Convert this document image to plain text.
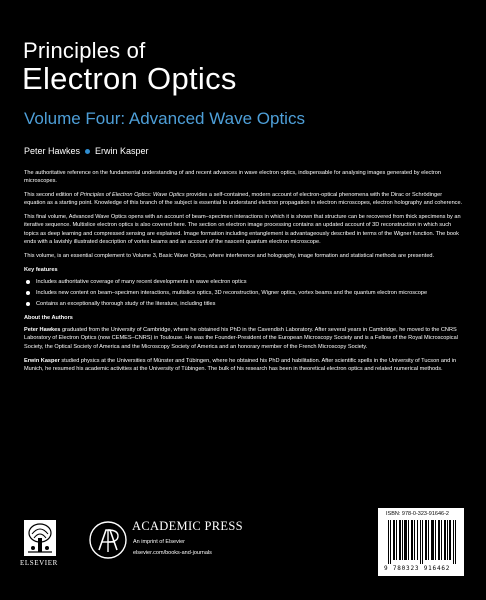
Principles of
Electron Optics
Volume Four: Advanced Wave Optics
Peter Hawkes Erwin Kasper

The authoritative reference on the fundamental understanding of and recent advances in wave electron optics, indispensable for analysing images generated by electron microscopes.

This second edition of Principles of Electron Optics: Wave Optics provides a self-contained, modern account of electron-optical phenomena with the Dirac or Schrödinger equation as a starting point. Knowledge of this branch of the subject is essential to understand electron propagation in electron microscopes, electron holography and coherence.

This final volume, Advanced Wave Optics opens with an account of beam–specimen interactions in which it is shown that structure can be recovered from thick specimens by an iterative sequence. Multislice electron optics is also covered here. The section on electron image processing contains an updated account of 3D reconstruction in which such topics as deep learning and compressed sensing are explained. Image formation including entanglement is advantageously described in terms of the Wigner function. The book ends with a lavishly illustrated description of vortex beams and an account of the nascent quantum electron microscope.

This volume, is an essential complement to Volume 3, Basic Wave Optics, where interference and holography, image formation and statistical methods are presented.

Key features

Includes authoritative coverage of many recent developments in wave electron optics
Includes new content on beam–specimen interactions, multislice optics, 3D reconstruction, Wigner optics, vortex beams and the quantum electron microscope
Contains an exceptionally thorough study of the literature, including titles

About the Authors

Peter Hawkes graduated from the University of Cambridge, where he obtained his PhD in the Cavendish Laboratory. After several years in Cambridge, he moved to the CNRS Laboratory of Electron Optics (now CEMES–CNRS) in Toulouse. He was the Founder-President of the European Microscopy Society and is a Fellow of the Royal Microscopical Society, the Optical Society of America and the Microscopy Society of America and an honorary member of the French Microscopy Society.

Erwin Kasper studied physics at the Universities of Münster and Tübingen, where he obtained his PhD and habilitation. After scientific spells in the University of Tucson and in Munich, he resumed his academic activities at the University of Tübingen. The bulk of his research has been in theoretical electron optics and related numerical methods.

ELSEVIER
ACADEMIC PRESS
An imprint of Elsevier
elsevier.com/books-and-journals
ISBN: 978-0-323-91646-2
9 780323 916462
